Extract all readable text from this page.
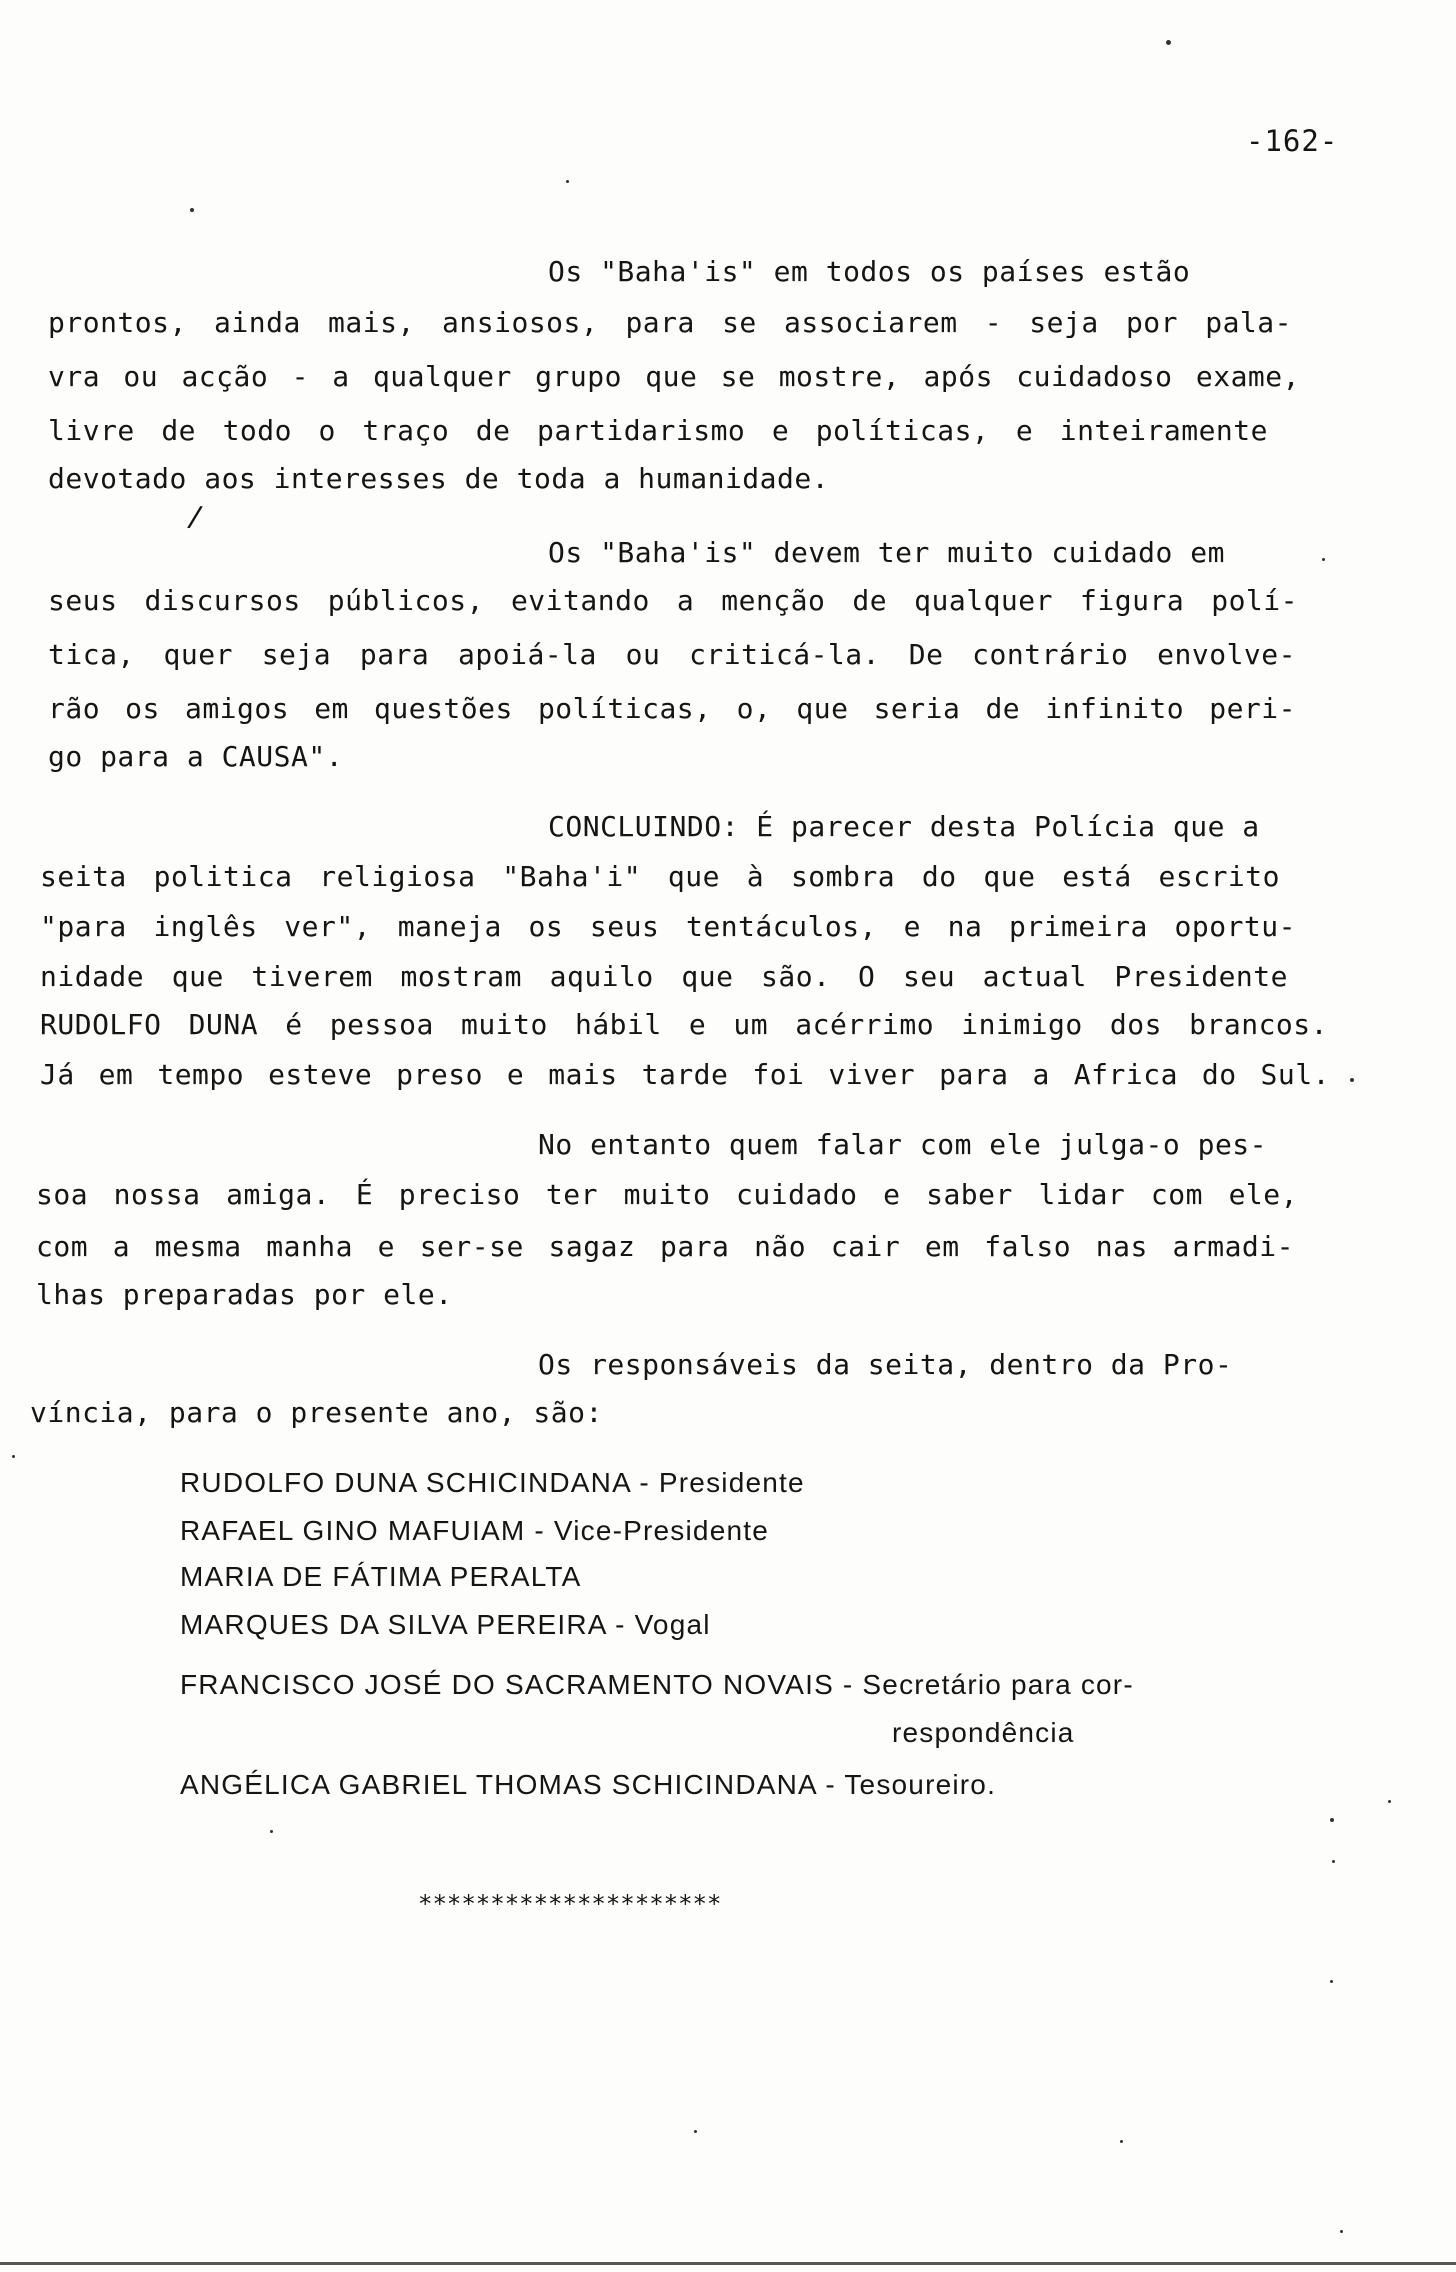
-162-
Os "Baha'is" em todos os países estão
prontos, ainda mais, ansiosos, para se associarem - seja por pala-
vra ou acção - a qualquer grupo que se mostre, após cuidadoso exame,
livre de todo o traço de partidarismo e políticas, e inteiramente
devotado aos interesses de toda a humanidade.
/
Os "Baha'is" devem ter muito cuidado em
seus discursos públicos, evitando a menção de qualquer figura polí-
tica, quer seja para apoiá-la ou criticá-la. De contrário envolve-
rão os amigos em questões políticas, o, que seria de infinito peri-
go para a CAUSA".
CONCLUINDO: É parecer desta Polícia que a
seita politica religiosa "Baha'i" que à sombra do que está escrito
"para inglês ver", maneja os seus tentáculos, e na primeira oportu-
nidade que tiverem mostram aquilo que são. O seu actual Presidente
RUDOLFO DUNA é pessoa muito hábil e um acérrimo inimigo dos brancos.
Já em tempo esteve preso e mais tarde foi viver para a Africa do Sul.
No entanto quem falar com ele julga-o pes-
soa nossa amiga. É preciso ter muito cuidado e saber lidar com ele,
com a mesma manha e ser-se sagaz para não cair em falso nas armadi-
lhas preparadas por ele.
Os responsáveis da seita, dentro da Pro-
víncia, para o presente ano, são:
RUDOLFO DUNA SCHICINDANA - Presidente
RAFAEL GINO MAFUIAM - Vice-Presidente
MARIA DE FÁTIMA PERALTA
MARQUES DA SILVA PEREIRA - Vogal
FRANCISCO JOSÉ DO SACRAMENTO NOVAIS - Secretário para cor-
respondência
ANGÉLICA GABRIEL THOMAS SCHICINDANA - Tesoureiro.
*********************
